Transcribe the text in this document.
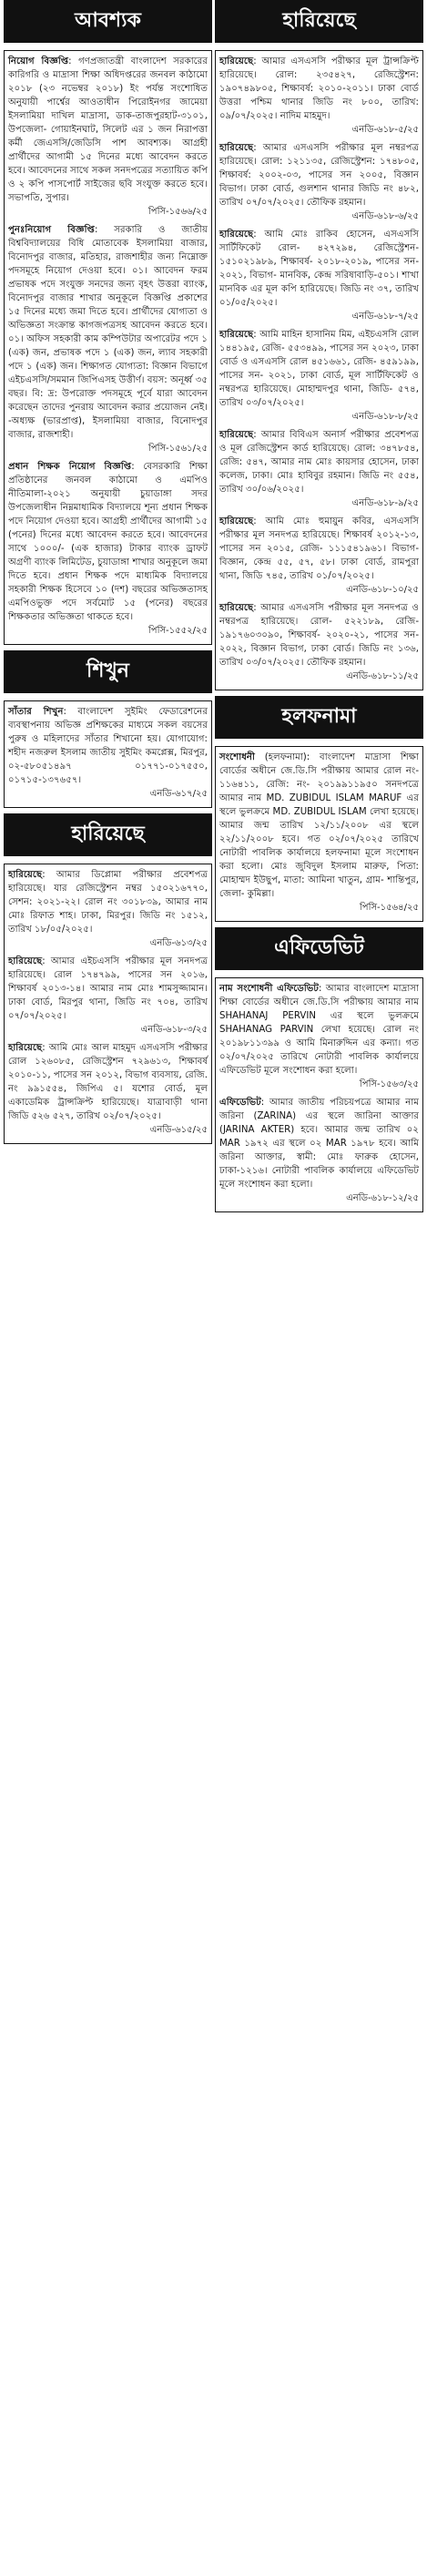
আবশ্যক
নিয়োগ বিজ্ঞপ্তি: গণপ্রজাতন্ত্রী বাংলাদেশ সরকারের কারিগরি ও মাদ্রাসা শিক্ষা অধিদপ্তরের জনবল কাঠামো ২০১৮ (২৩ নভেম্বর ২০১৮) ইং পর্যন্ত সংশোধিত অনুযায়ী পার্শ্বের আওতাধীন পিরোইনগর জামেয়া ইসলামিয়া দাখিল মাদ্রাসা, ডাক-তাজপুরহাট-৩১০১, উপজেলা- গোয়াইনঘাট, সিলেট এর ১ জন নিরাপত্তা কর্মী জেএসসি/জেডিসি পাশ আবশ্যক। আগ্রহী প্রার্থীদের আগামী ১৫ দিনের মধ্যে আবেদন করতে হবে। আবেদনের সাথে সকল সনদপত্রের সত্যায়িত কপি ও ২ কপি পাসপোর্ট সাইজের ছবি সংযুক্ত করতে হবে। সভাপতি, সুপার।
পিসি-১৫৬৬/২৫
পুনঃনিয়োগ বিজ্ঞপ্তি: সরকারি ও জাতীয় বিশ্ববিদ্যালয়ের বিধি মোতাবেক ইসলামিয়া বাজার, বিনোদপুর বাজার, মতিহার, রাজশাহীর জন্য নিম্নোক্ত পদসমূহে নিয়োগ দেওয়া হবে। ০১। আবেদন ফরম প্রভাষক পদে সংযুক্ত সনদের জন্য বৃহৎ উত্তরা ব্যাংক, বিনোদপুর বাজার শাখার অনুকূলে বিজ্ঞপ্তি প্রকাশের ১৫ দিনের মধ্যে জমা দিতে হবে। প্রার্থীদের যোগ্যতা ও অভিজ্ঞতা সংক্রান্ত কাগজপত্রসহ আবেদন করতে হবে। ০১। অফিস সহকারী কাম কম্পিউটার অপারেটর পদে ১ (এক) জন, প্রভাষক পদে ১ (এক) জন, ল্যাব সহকারী পদে ১ (এক) জন। শিক্ষাগত যোগ্যতা: বিজ্ঞান বিভাগে এইচএসসি/সমমান জিপিএসহ উত্তীর্ণ। বয়স: অনূর্ধ্ব ৩৫ বছর। বি: দ্র: উপরোক্ত পদসমূহে পূর্বে যারা আবেদন করেছেন তাদের পুনরায় আবেদন করার প্রয়োজন নেই। -অধ্যক্ষ (ভারপ্রাপ্ত), ইসলামিয়া বাজার, বিনোদপুর বাজার, রাজশাহী।
পিসি-১৫৬১/২৫
প্রধান শিক্ষক নিয়োগ বিজ্ঞপ্তি: বেসরকারি শিক্ষা প্রতিষ্ঠানের জনবল কাঠামো ও এমপিও নীতিমালা-২০২১ অনুযায়ী চুয়াডাঙ্গা সদর উপজেলাধীন নিম্নমাধ্যমিক বিদ্যালয়ে শূন্য প্রধান শিক্ষক পদে নিয়োগ দেওয়া হবে। আগ্রহী প্রার্থীদের আগামী ১৫ (পনের) দিনের মধ্যে আবেদন করতে হবে। আবেদনের সাথে ১০০০/- (এক হাজার) টাকার ব্যাংক ড্রাফট অগ্রণী ব্যাংক লিমিটেড, চুয়াডাঙ্গা শাখার অনুকূলে জমা দিতে হবে। প্রধান শিক্ষক পদে মাধ্যমিক বিদ্যালয়ে সহকারী শিক্ষক হিসেবে ১০ (দশ) বছরের অভিজ্ঞতাসহ এমপিওভুক্ত পদে সর্বমোট ১৫ (পনের) বছরের শিক্ষকতার অভিজ্ঞতা থাকতে হবে।
পিসি-১৫৫২/২৫
শিখুন
সাঁতার শিখুন: বাংলাদেশ সুইমিং ফেডারেশনের ব্যবস্থাপনায় অভিজ্ঞ প্রশিক্ষকের মাধ্যমে সকল বয়সের পুরুষ ও মহিলাদের সাঁতার শিখানো হয়। যোগাযোগ: শহীদ নজরুল ইসলাম জাতীয় সুইমিং কমপ্লেক্স, মিরপুর, ০২-৫৮০৫১৪৯৭ ০১৭৭১-০১৭৫৫০, ০১৭১৫-১৩৭৬৫৭।
এনডি-৬১৭/২৫
হারিয়েছে
হারিয়েছে: আমার ডিপ্লোমা পরীক্ষার প্রবেশপত্র হারিয়েছে। যার রেজিস্ট্রেশন নম্বর ১৫০২১৬৭৭০, সেশন: ২০২১-২২। রোল নং ৩০১৮৩৯, আমার নাম মোঃ রিফাত শাহ। ঢাকা, মিরপুর। জিডি নং ১৫১২, তারিখ ১৮/০৫/২০২৫।
এনডি-৬১৩/২৫
হারিয়েছে: আমার এইচএসসি পরীক্ষার মূল সনদপত্র হারিয়েছে। রোল ১৭৪৭৯৯, পাসের সন ২০১৬, শিক্ষাবর্ষ ২০১৩-১৪। আমার নাম মোঃ শামসুজ্জামান। ঢাকা বোর্ড, মিরপুর থানা, জিডি নং ৭০৪, তারিখ ০৭/০৭/২০২৫।
এনডি-৬১৮-৩/২৫
হারিয়েছে: আমি মোঃ আল মাহমুদ এসএসসি পরীক্ষার রোল ১২৬০৮৫, রেজিস্ট্রেশন ৭২৯৬১৩, শিক্ষাবর্ষ ২০১০-১১, পাসের সন ২০১২, বিভাগ ব্যবসায়, রেজি. নং ৯৯১৫৫৪, জিপিএ ৫। যশোর বোর্ড, মূল একাডেমিক ট্রান্সক্রিপ্ট হারিয়েছে। যাত্রাবাড়ী থানা জিডি ৫২৬ ৫২৭, তারিখ ০২/০৭/২০২৫।
এনডি-৬১৫/২৫
হারিয়েছে
হারিয়েছে: আমার এসএসসি পরীক্ষার মূল ট্রান্সক্রিপ্ট হারিয়েছে। রোল: ২৩৫৪২৭, রেজিস্ট্রেশন: ১৯০৭৪৯৮০৫, শিক্ষাবর্ষ: ২০১০-২০১১। ঢাকা বোর্ড উত্তরা পশ্চিম থানার জিডি নং ৮০০, তারিখ: ০৯/০৭/২০২৫। নাদিম মাহমুদ।
এনডি-৬১৮-৫/২৫
হারিয়েছে: আমার এসএসসি পরীক্ষার মূল নম্বরপত্র হারিয়েছে। রোল: ১২১১৩৫, রেজিস্ট্রেশন: ১৭৪৮০৫, শিক্ষাবর্ষ: ২০০২-০৩, পাসের সন ২০০৫, বিজ্ঞান বিভাগ। ঢাকা বোর্ড, গুলশান থানার জিডি নং ৪৮২, তারিখ ০৭/০৭/২০২৫। তৌফিক রহমান।
এনডি-৬১৮-৬/২৫
হারিয়েছে: আমি মোঃ রাকিব হোসেন, এসএসসি সার্টিফিকেট রোল- ৪২৭২৯৪, রেজিস্ট্রেশন- ১৫১০২১৯৮৯, শিক্ষাবর্ষ- ২০১৮-২০১৯, পাসের সন- ২০২১, বিভাগ- মানবিক, কেন্দ্র সরিষাবাড়ি-৫০১। শাখা মানবিক এর মূল কপি হারিয়েছে। জিডি নং ৩৭, তারিখ ০১/০৫/২০২৫।
এনডি-৬১৮-৭/২৫
হারিয়েছে: আমি মাহিন হাসানিম মিম, এইচএসসি রোল ১৪৪১৯৫, রেজি- ৫৫৩৪৯৯, পাসের সন ২০২৩, ঢাকা বোর্ড ও এসএসসি রোল ৪৫১৬৬১, রেজি- ৪৫৯১৯৯, পাসের সন- ২০২১, ঢাকা বোর্ড, মূল সার্টিফিকেট ও নম্বরপত্র হারিয়েছে। মোহাম্মদপুর থানা, জিডি- ৫৭৪, তারিখ ০৩/০৭/২০২৫।
এনডি-৬১৮-৮/২৫
হারিয়েছে: আমার বিবিএস অনার্স পরীক্ষার প্রবেশপত্র ও মূল রেজিস্ট্রেশন কার্ড হারিয়েছে। রোল: ৩৪৭৮৫৪, রেজি: ৫৪৭, আমার নাম মোঃ কায়সার হোসেন, ঢাকা কলেজ, ঢাকা। মোঃ হাবিবুর রহমান। জিডি নং ৫৫৪, তারিখ ৩০/০৬/২০২৫।
এনডি-৬১৮-৯/২৫
হারিয়েছে: আমি মোঃ হুমায়ুন কবির, এসএসসি পরীক্ষার মূল সনদপত্র হারিয়েছে। শিক্ষাবর্ষ ২০১২-১৩, পাসের সন ২০১৫, রেজি- ১১১৫৪১৯৬১। বিভাগ- বিজ্ঞান, কেন্দ্র ৫৫, ৫৭, ৫৮। ঢাকা বোর্ড, রামপুরা থানা, জিডি ৭৪৫, তারিখ ০১/০৭/২০২৫।
এনডি-৬১৮-১০/২৫
হারিয়েছে: আমার এসএসসি পরীক্ষার মূল সনদপত্র ও নম্বরপত্র হারিয়েছে। রোল- ৫২২১৮৯, রেজি- ১৯১৭৬০৩০৯০, শিক্ষাবর্ষ- ২০২০-২১, পাসের সন- ২০২২, বিজ্ঞান বিভাগ, ঢাকা বোর্ড। জিডি নং ১৩৬, তারিখ ০৩/০৭/২০২৫। তৌফিক রহমান।
এনডি-৬১৮-১১/২৫
হলফনামা
সংশোধনী (হলফনামা): বাংলাদেশ মাদ্রাসা শিক্ষা বোর্ডের অধীনে জে.ডি.সি পরীক্ষায় আমার রোল নং- ১১৬৪১১, রেজি: নং- ২০১৯৯১১৯৫০ সনদপত্রে আমার নাম MD. ZUBIDUL ISLAM MARUF এর স্থলে ভুলক্রমে MD. ZUBIDUL ISLAM লেখা হয়েছে। আমার জন্ম তারিখ ১২/১১/২০০৮ এর স্থলে ২২/১১/২০০৮ হবে। গত ০২/০৭/২০২৫ তারিখে নোটারী পাবলিক কার্যালয়ে হলফনামা মূলে সংশোধন করা হলো। মোঃ জুবিদুল ইসলাম মারুফ, পিতা: মোহাম্মদ ইউছুপ, মাতা: আমিনা খাতুন, গ্রাম- শান্তিপুর, জেলা- কুমিল্লা।
পিসি-১৫৬৪/২৫
এফিডেভিট
নাম সংশোধনী এফিডেভিট: আমার বাংলাদেশ মাদ্রাসা শিক্ষা বোর্ডের অধীনে জে.ডি.সি পরীক্ষায় আমার নাম SHAHANAJ PERVIN এর স্থলে ভুলক্রমে SHAHANAG PARVIN লেখা হয়েছে। রোল নং ২০১৯৮১১৩৯৯ ও আমি মিনারুদ্দিন এর কন্যা। গত ০২/০৭/২০২৫ তারিখে নোটারী পাবলিক কার্যালয়ে এফিডেভিট মূলে সংশোধন করা হলো।
পিসি-১৫৬৩/২৫
এফিডেভিট: আমার জাতীয় পরিচয়পত্রে আমার নাম জরিনা (ZARINA) এর স্থলে জারিনা আক্তার (JARINA AKTER) হবে। আমার জন্ম তারিখ ০২ MAR ১৯৭২ এর স্থলে ০২ MAR ১৯৭৮ হবে। আমি জরিনা আক্তার, স্বামী: মোঃ ফারুক হোসেন, ঢাকা-১২১৬। নোটারী পাবলিক কার্যালয়ে এফিডেভিট মূলে সংশোধন করা হলো।
এনডি-৬১৮-১২/২৫
